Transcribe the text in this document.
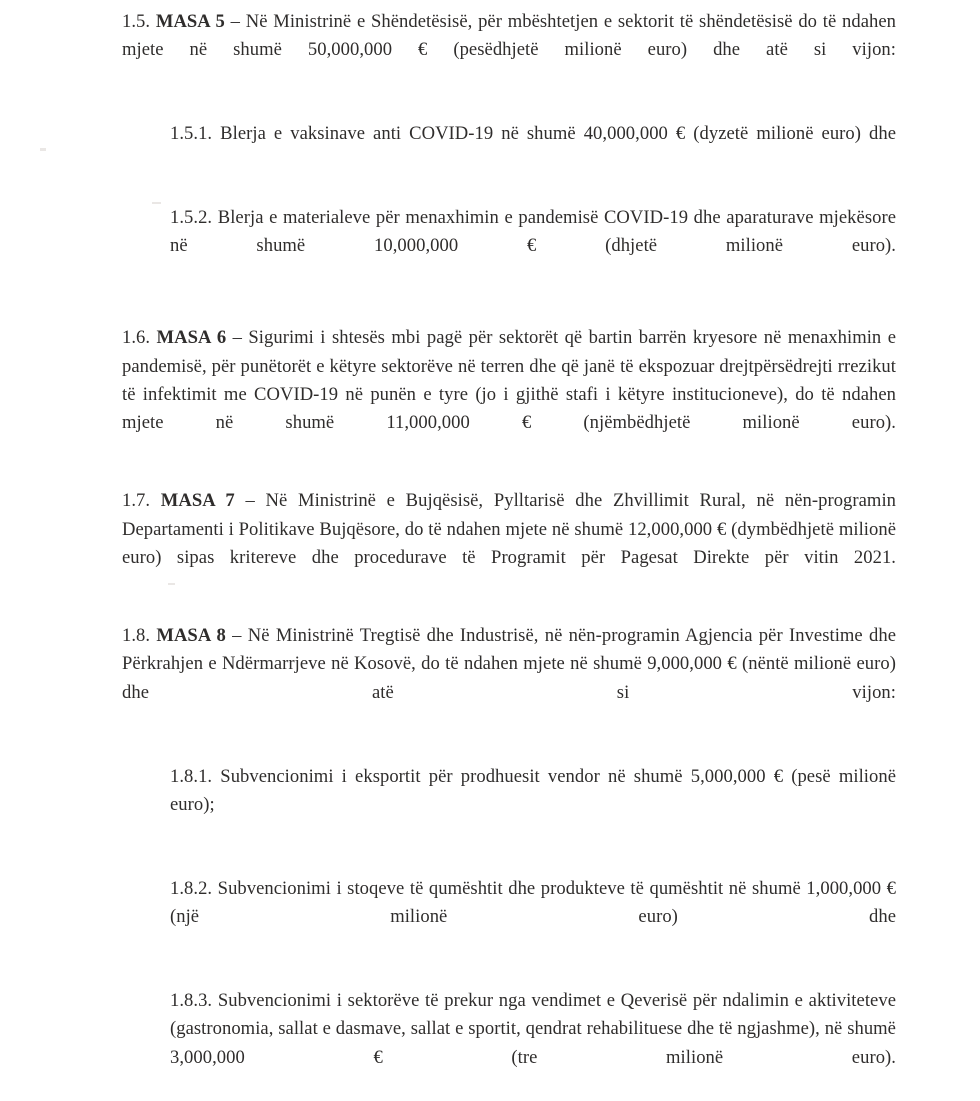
1.5. MASA 5 – Në Ministrinë e Shëndetësisë, për mbështetjen e sektorit të shëndetësisë do të ndahen mjete në shumë 50,000,000 € (pesëdhjetë milionë euro) dhe atë si vijon:

1.5.1. Blerja e vaksinave anti COVID-19 në shumë 40,000,000 € (dyzetë milionë euro) dhe

1.5.2. Blerja e materialeve për menaxhimin e pandemisë COVID-19 dhe aparaturave mjekësore në shumë 10,000,000 € (dhjetë milionë euro).

1.6. MASA 6 – Sigurimi i shtesës mbi pagë për sektorët që bartin barrën kryesore në menaxhimin e pandemisë, për punëtorët e këtyre sektorëve në terren dhe që janë të ekspozuar drejtpërsëdrejti rrezikut të infektimit me COVID-19 në punën e tyre (jo i gjithë stafi i këtyre institucioneve), do të ndahen mjete në shumë 11,000,000 € (njëmbëdhjetë milionë euro).

1.7. MASA 7 – Në Ministrinë e Bujqësisë, Pylltarisë dhe Zhvillimit Rural, në nën-programin Departamenti i Politikave Bujqësore, do të ndahen mjete në shumë 12,000,000 € (dymbëdhjetë milionë euro) sipas kritereve dhe procedurave të Programit për Pagesat Direkte për vitin 2021.

1.8. MASA 8 – Në Ministrinë Tregtisë dhe Industrisë, në nën-programin Agjencia për Investime dhe Përkrahjen e Ndërmarrjeve në Kosovë, do të ndahen mjete në shumë 9,000,000 € (nëntë milionë euro) dhe atë si vijon:

1.8.1. Subvencionimi i eksportit për prodhuesit vendor në shumë 5,000,000 € (pesë milionë euro);

1.8.2. Subvencionimi i stoqeve të qumështit dhe produkteve të qumështit në shumë 1,000,000 € (një milionë euro) dhe

1.8.3. Subvencionimi i sektorëve të prekur nga vendimet e Qeverisë për ndalimin e aktiviteteve (gastronomia, sallat e dasmave, sallat e sportit, qendrat rehabilituese dhe të ngjashme), në shumë 3,000,000 € (tre milionë euro).
